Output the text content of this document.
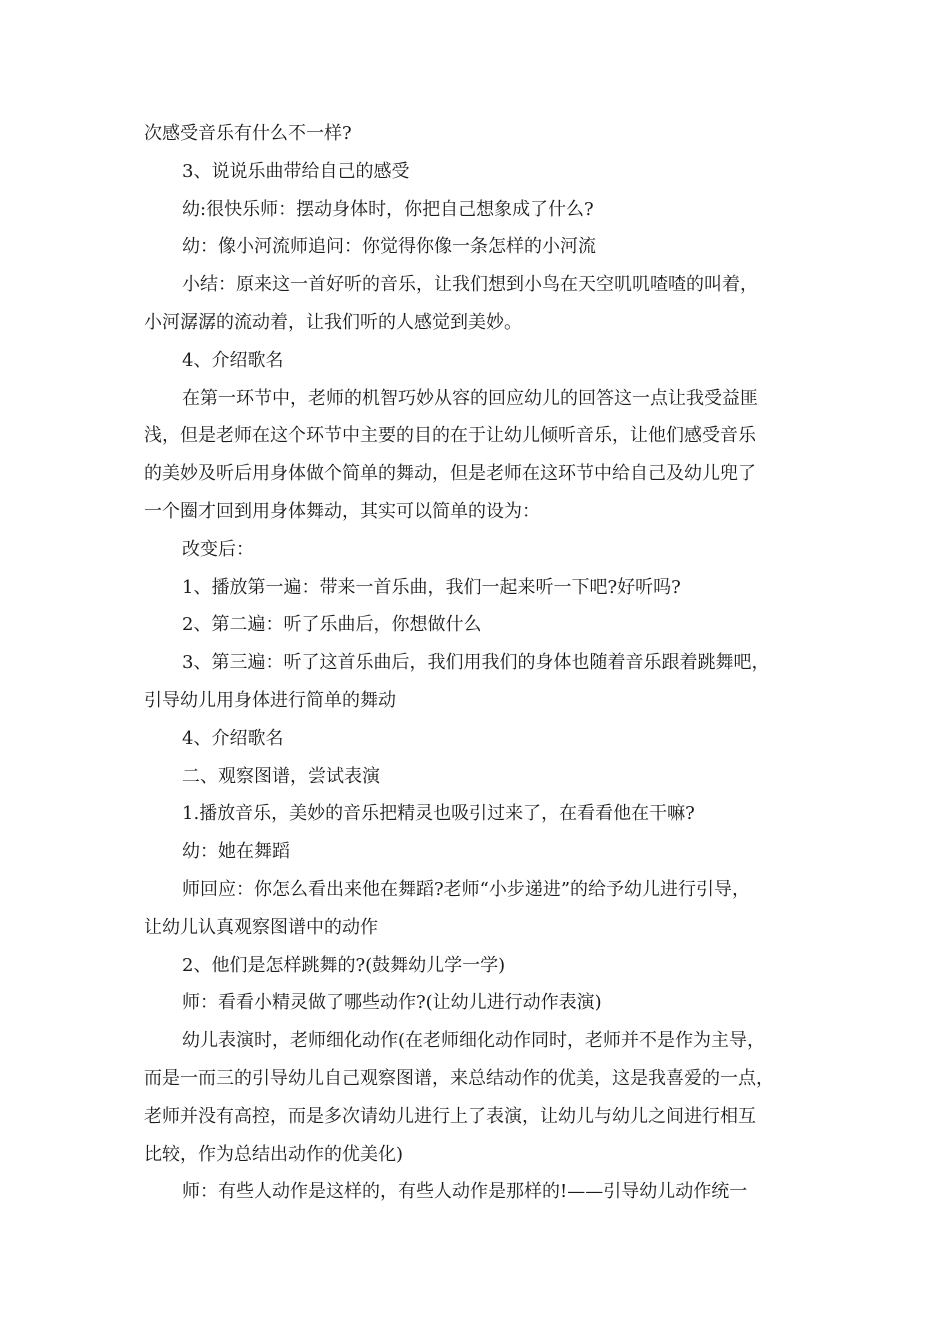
次感受音乐有什么不一样?
3、说说乐曲带给自己的感受
幼:很快乐师：摆动身体时，你把自己想象成了什么?
幼：像小河流师追问：你觉得你像一条怎样的小河流
小结：原来这一首好听的音乐，让我们想到小鸟在天空叽叽喳喳的叫着，
小河潺潺的流动着，让我们听的人感觉到美妙。
4、介绍歌名
在第一环节中，老师的机智巧妙从容的回应幼儿的回答这一点让我受益匪
浅，但是老师在这个环节中主要的目的在于让幼儿倾听音乐，让他们感受音乐
的美妙及听后用身体做个简单的舞动，但是老师在这环节中给自己及幼儿兜了
一个圈才回到用身体舞动，其实可以简单的设为：
改变后：
1、播放第一遍：带来一首乐曲，我们一起来听一下吧?好听吗?
2、第二遍：听了乐曲后，你想做什么
3、第三遍：听了这首乐曲后，我们用我们的身体也随着音乐跟着跳舞吧，
引导幼儿用身体进行简单的舞动
4、介绍歌名
二、观察图谱，尝试表演
1.播放音乐，美妙的音乐把精灵也吸引过来了，在看看他在干嘛?
幼：她在舞蹈
师回应：你怎么看出来他在舞蹈?老师“小步递进”的给予幼儿进行引导，
让幼儿认真观察图谱中的动作
2、他们是怎样跳舞的?(鼓舞幼儿学一学)
师：看看小精灵做了哪些动作?(让幼儿进行动作表演)
幼儿表演时，老师细化动作(在老师细化动作同时，老师并不是作为主导，
而是一而三的引导幼儿自己观察图谱，来总结动作的优美，这是我喜爱的一点，
老师并没有高控，而是多次请幼儿进行上了表演，让幼儿与幼儿之间进行相互
比较，作为总结出动作的优美化)
师：有些人动作是这样的，有些人动作是那样的!——引导幼儿动作统一
